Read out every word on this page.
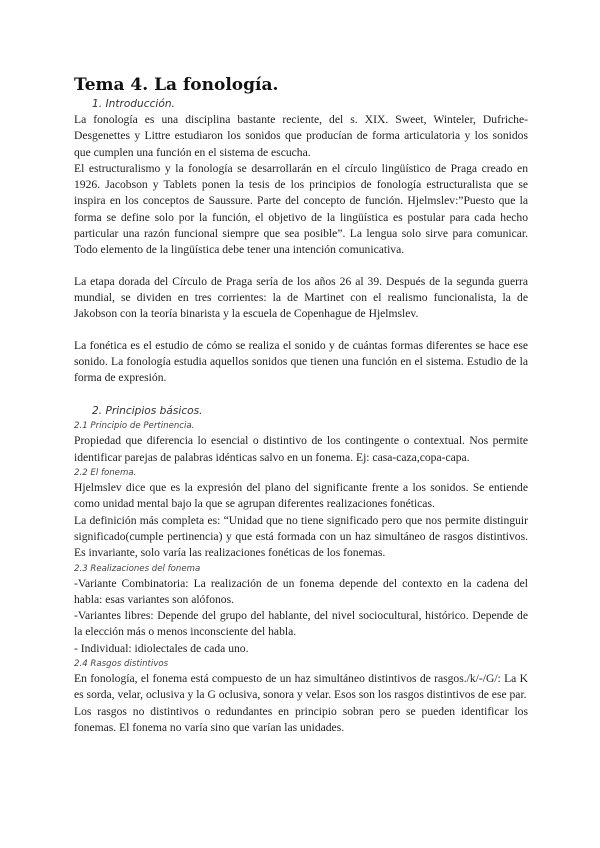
Tema 4. La fonología.
1. Introducción.

La fonología es una disciplina bastante reciente, del s. XIX. Sweet, Winteler, Dufriche-Desgenettes y Littre estudiaron los sonidos que producían de forma articulatoria y los sonidos que cumplen una función en el sistema de escucha.

El estructuralismo y la fonología se desarrollarán en el círculo lingüístico de Praga creado en 1926. Jacobson y Tablets ponen la tesis de los principios de fonología estructuralista que se inspira en los conceptos de Saussure. Parte del concepto de función. Hjelmslev:”Puesto que la forma se define solo por la función, el objetivo de la lingüística es postular para cada hecho particular una razón funcional siempre que sea posible”. La lengua solo sirve para comunicar. Todo elemento de la lingüística debe tener una intención comunicativa.

La etapa dorada del Círculo de Praga sería de los años 26 al 39. Después de la segunda guerra mundial, se dividen en tres corrientes: la de Martinet con el realismo funcionalista, la de Jakobson con la teoría binarista y la escuela de Copenhague de Hjelmslev.

La fonética es el estudio de cómo se realiza el sonido y de cuántas formas diferentes se hace ese sonido. La fonología estudia aquellos sonidos que tienen una función en el sistema. Estudio de la forma de expresión.

2. Principios básicos.
2.1 Principio de Pertinencia.

Propiedad que diferencia lo esencial o distintivo de los contingente o contextual. Nos permite identificar parejas de palabras idénticas salvo en un fonema. Ej: casa-caza,copa-capa.

2.2 El fonema.

Hjelmslev dice que es la expresión del plano del significante frente a los sonidos. Se entiende como unidad mental bajo la que se agrupan diferentes realizaciones fonéticas.

La definición más completa es: “Unidad que no tiene significado pero que nos permite distinguir significado(cumple pertinencia) y que está formada con un haz simultáneo de rasgos distintivos. Es invariante, solo varía las realizaciones fonéticas de los fonemas.

2.3 Realizaciones del fonema

-Variante Combinatoria: La realización de un fonema depende del contexto en la cadena del habla: esas variantes son alófonos.

-Variantes libres: Depende del grupo del hablante, del nivel sociocultural, histórico. Depende de la elección más o menos inconsciente del habla.

- Individual: idiolectales de cada uno.

2.4 Rasgos distintivos

En fonología, el fonema está compuesto de un haz simultáneo distintivos de rasgos./k/-/G/: La K es sorda, velar, oclusiva y la G oclusiva, sonora y velar. Esos son los rasgos distintivos de ese par.

Los rasgos no distintivos o redundantes en principio sobran pero se pueden identificar los fonemas. El fonema no varía sino que varían las unidades.
